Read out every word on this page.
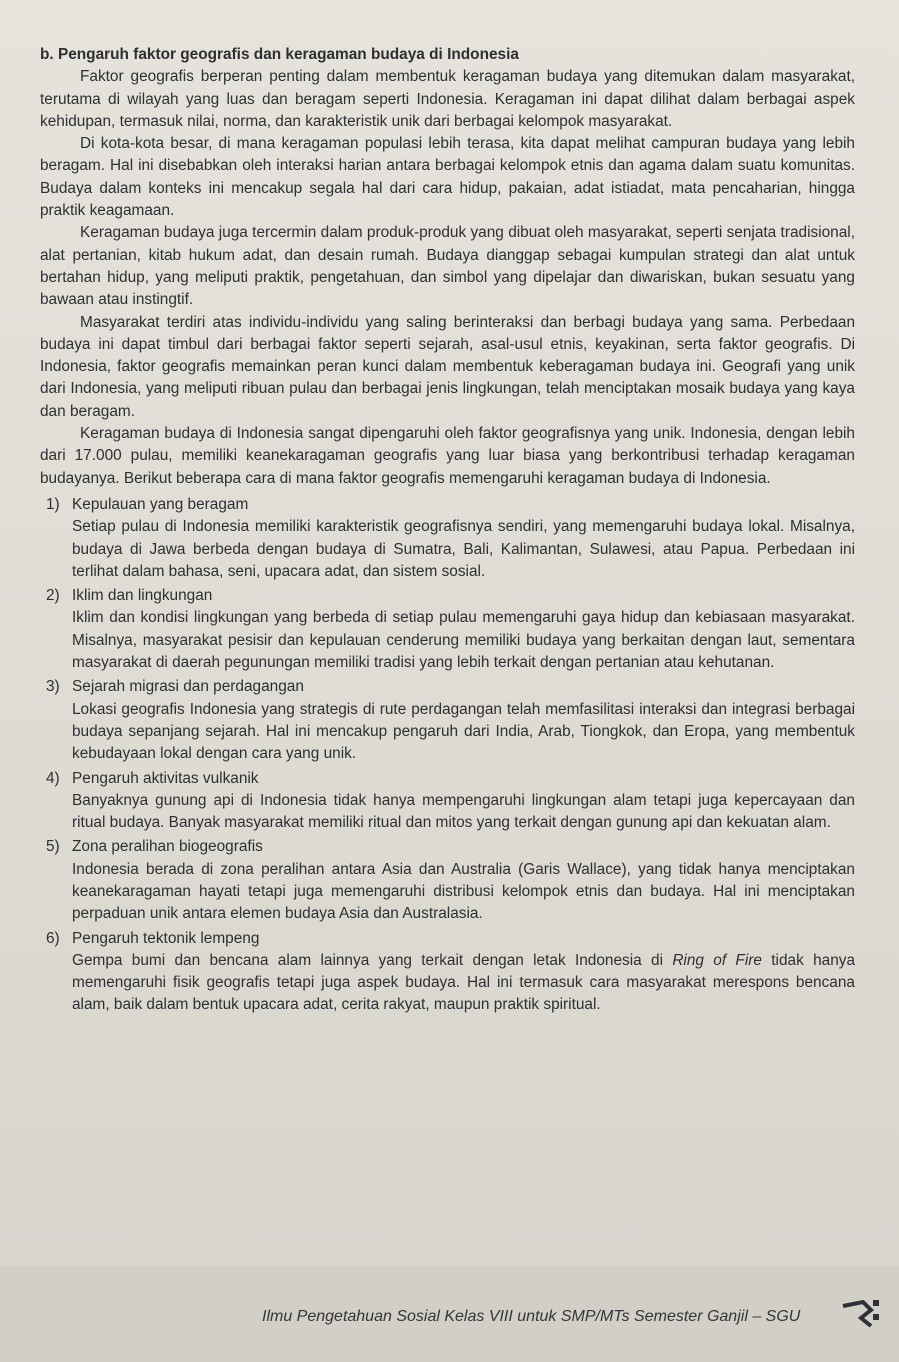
b. Pengaruh faktor geografis dan keragaman budaya di Indonesia

Faktor geografis berperan penting dalam membentuk keragaman budaya yang ditemukan dalam masyarakat, terutama di wilayah yang luas dan beragam seperti Indonesia. Keragaman ini dapat dilihat dalam berbagai aspek kehidupan, termasuk nilai, norma, dan karakteristik unik dari berbagai kelompok masyarakat.

Di kota-kota besar, di mana keragaman populasi lebih terasa, kita dapat melihat campuran budaya yang lebih beragam. Hal ini disebabkan oleh interaksi harian antara berbagai kelompok etnis dan agama dalam suatu komunitas. Budaya dalam konteks ini mencakup segala hal dari cara hidup, pakaian, adat istiadat, mata pencaharian, hingga praktik keagamaan.

Keragaman budaya juga tercermin dalam produk-produk yang dibuat oleh masyarakat, seperti senjata tradisional, alat pertanian, kitab hukum adat, dan desain rumah. Budaya dianggap sebagai kumpulan strategi dan alat untuk bertahan hidup, yang meliputi praktik, pengetahuan, dan simbol yang dipelajar dan diwariskan, bukan sesuatu yang bawaan atau instingtif.

Masyarakat terdiri atas individu-individu yang saling berinteraksi dan berbagi budaya yang sama. Perbedaan budaya ini dapat timbul dari berbagai faktor seperti sejarah, asal-usul etnis, keyakinan, serta faktor geografis. Di Indonesia, faktor geografis memainkan peran kunci dalam membentuk keberagaman budaya ini. Geografi yang unik dari Indonesia, yang meliputi ribuan pulau dan berbagai jenis lingkungan, telah menciptakan mosaik budaya yang kaya dan beragam.

Keragaman budaya di Indonesia sangat dipengaruhi oleh faktor geografisnya yang unik. Indonesia, dengan lebih dari 17.000 pulau, memiliki keanekaragaman geografis yang luar biasa yang berkontribusi terhadap keragaman budayanya. Berikut beberapa cara di mana faktor geografis memengaruhi keragaman budaya di Indonesia.

1) Kepulauan yang beragam
Setiap pulau di Indonesia memiliki karakteristik geografisnya sendiri, yang memengaruhi budaya lokal. Misalnya, budaya di Jawa berbeda dengan budaya di Sumatra, Bali, Kalimantan, Sulawesi, atau Papua. Perbedaan ini terlihat dalam bahasa, seni, upacara adat, dan sistem sosial.
2) Iklim dan lingkungan
Iklim dan kondisi lingkungan yang berbeda di setiap pulau memengaruhi gaya hidup dan kebiasaan masyarakat. Misalnya, masyarakat pesisir dan kepulauan cenderung memiliki budaya yang berkaitan dengan laut, sementara masyarakat di daerah pegunungan memiliki tradisi yang lebih terkait dengan pertanian atau kehutanan.
3) Sejarah migrasi dan perdagangan
Lokasi geografis Indonesia yang strategis di rute perdagangan telah memfasilitasi interaksi dan integrasi berbagai budaya sepanjang sejarah. Hal ini mencakup pengaruh dari India, Arab, Tiongkok, dan Eropa, yang membentuk kebudayaan lokal dengan cara yang unik.
4) Pengaruh aktivitas vulkanik
Banyaknya gunung api di Indonesia tidak hanya mempengaruhi lingkungan alam tetapi juga kepercayaan dan ritual budaya. Banyak masyarakat memiliki ritual dan mitos yang terkait dengan gunung api dan kekuatan alam.
5) Zona peralihan biogeografis
Indonesia berada di zona peralihan antara Asia dan Australia (Garis Wallace), yang tidak hanya menciptakan keanekaragaman hayati tetapi juga memengaruhi distribusi kelompok etnis dan budaya. Hal ini menciptakan perpaduan unik antara elemen budaya Asia dan Australasia.
6) Pengaruh tektonik lempeng
Gempa bumi dan bencana alam lainnya yang terkait dengan letak Indonesia di Ring of Fire tidak hanya memengaruhi fisik geografis tetapi juga aspek budaya. Hal ini termasuk cara masyarakat merespons bencana alam, baik dalam bentuk upacara adat, cerita rakyat, maupun praktik spiritual.
Ilmu Pengetahuan Sosial Kelas VIII untuk SMP/MTs Semester Ganjil – SGU
